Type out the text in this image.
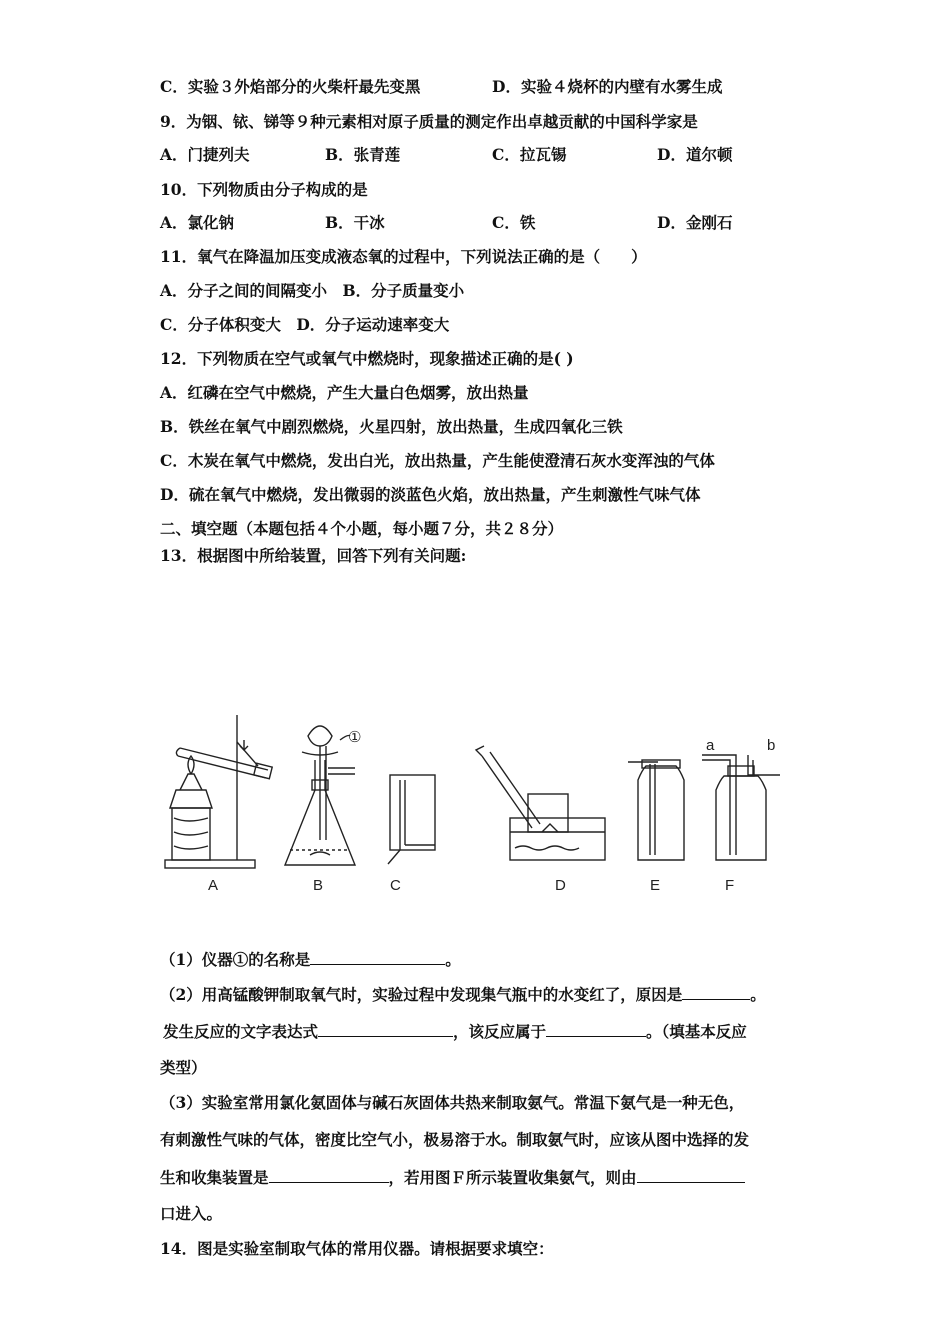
C．实验３外焰部分的火柴杆最先变黑	D．实验４烧杯的内壁有水雾生成
9．为铟、铱、锑等９种元素相对原子质量的测定作出卓越贡献的中国科学家是
A．门捷列夫	B．张青莲	C．拉瓦锡	D．道尔顿
10．下列物质由分子构成的是
A．氯化钠	B．干冰	C．铁	D．金刚石
11．氧气在降温加压变成液态氧的过程中，下列说法正确的是（　　）
A．分子之间的间隔变小　B．分子质量变小
C．分子体积变大　D．分子运动速率变大
12．下列物质在空气或氧气中燃烧时，现象描述正确的是( )
A．红磷在空气中燃烧，产生大量白色烟雾，放出热量
B．铁丝在氧气中剧烈燃烧，火星四射，放出热量，生成四氧化三铁
C．木炭在氧气中燃烧，发出白光，放出热量，产生能使澄清石灰水变浑浊的气体
D．硫在氧气中燃烧，发出微弱的淡蓝色火焰，放出热量，产生刺激性气味气体
二、填空题（本题包括４个小题，每小题７分，共２８分）
13．根据图中所给装置，回答下列有关问题:
A	B	C	D	E	F
①	a	b
（1）仪器①的名称是	。
（2）用高锰酸钾制取氧气时，实验过程中发现集气瓶中的水变红了，原因是	。
发生反应的文字表达式	，该反应属于	。（填基本反应
类型）
（3）实验室常用氯化氨固体与碱石灰固体共热来制取氨气。常温下氨气是一种无色，
有刺激性气味的气体，密度比空气小，极易溶于水。制取氨气时，应该从图中选择的发
生和收集装置是	，若用图Ｆ所示装置收集氨气，则由
口进入。
14．图是实验室制取气体的常用仪器。请根据要求填空：
